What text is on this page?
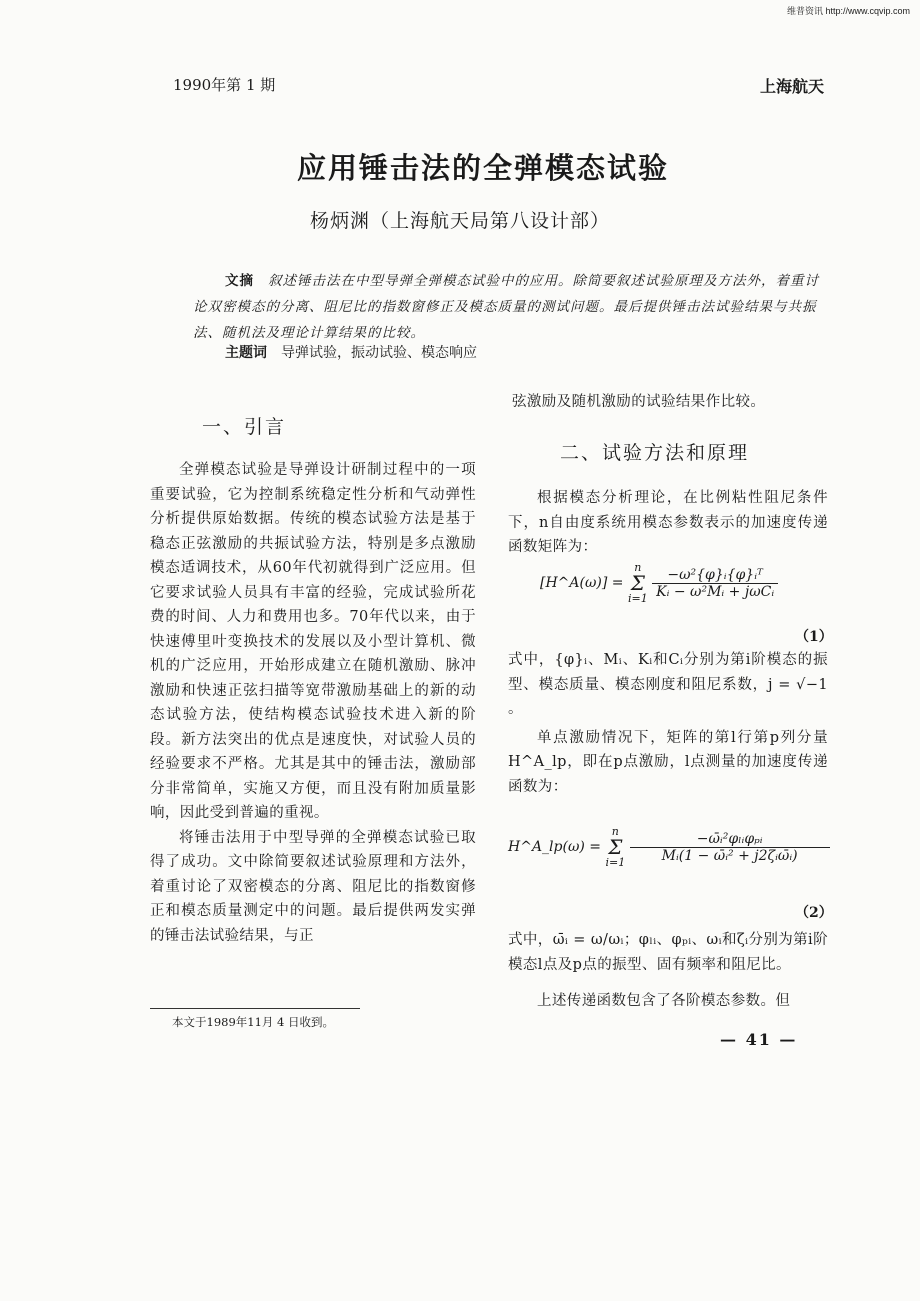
维普资讯 http://www.cqvip.com
1990年第 1 期	上海航天
应用锤击法的全弹模态试验
杨炳渊（上海航天局第八设计部）
文摘 叙述锤击法在中型导弹全弹模态试验中的应用。除简要叙述试验原理及方法外，着重讨论双密模态的分离、阻尼比的指数窗修正及模态质量的测试问题。最后提供锤击法试验结果与共振法、随机法及理论计算结果的比较。
主题词 导弹试验，振动试验、模态响应
一、引言

全弹模态试验是导弹设计研制过程中的一项重要试验，它为控制系统稳定性分析和气动弹性分析提供原始数据。传统的模态试验方法是基于稳态正弦激励的共振试验方法，特别是多点激励模态适调技术，从60年代初就得到广泛应用。但它要求试验人员具有丰富的经验，完成试验所花费的时间、人力和费用也多。70年代以来，由于快速傅里叶变换技术的发展以及小型计算机、微机的广泛应用，开始形成建立在随机激励、脉冲激励和快速正弦扫描等宽带激励基础上的新的动态试验方法，使结构模态试验技术进入新的阶段。新方法突出的优点是速度快，对试验人员的经验要求不严格。尤其是其中的锤击法，激励部分非常简单，实施又方便，而且没有附加质量影响，因此受到普遍的重视。

将锤击法用于中型导弹的全弹模态试验已取得了成功。文中除简要叙述试验原理和方法外，着重讨论了双密模态的分离、阻尼比的指数窗修正和模态质量测定中的问题。最后提供两发实弹的锤击法试验结果，与正

本文于1989年11月 4 日收到。
弦激励及随机激励的试验结果作比较。
二、试验方法和原理

根据模态分析理论，在比例粘性阻尼条件下，n自由度系统用模态参数表示的加速度传递函数矩阵为：

[H^A(ω)] = n
Σ
$i=1 \frac{\text{−ω²\{φ\}ᵢ\{φ\}ᵢᵀ}}{\text{Kᵢ − ω²Mᵢ + jωCᵢ}}$
（1）

式中，{φ}ᵢ、Mᵢ、Kᵢ和Cᵢ分别为第i阶模态的振型、模态质量、模态刚度和阻尼系数，j = √−1 。

单点激励情况下，矩阵的第l行第p列分量H^A_lp，即在p点激励，l点测量的加速度传递函数为：

H^A_lp(ω) = n
Σ
$i=1 \frac{\text{−ω̄ᵢ²φₗᵢφₚᵢ}}{\text{Mᵢ(1 − ω̄ᵢ² + j2ζᵢω̄ᵢ)}}$
（2）

式中，ω̄ᵢ = ω/ωᵢ；φₗᵢ、φₚᵢ、ωᵢ和ζᵢ分别为第i阶模态l点及p点的振型、固有频率和阻尼比。

上述传递函数包含了各阶模态参数。但

— 41 —
